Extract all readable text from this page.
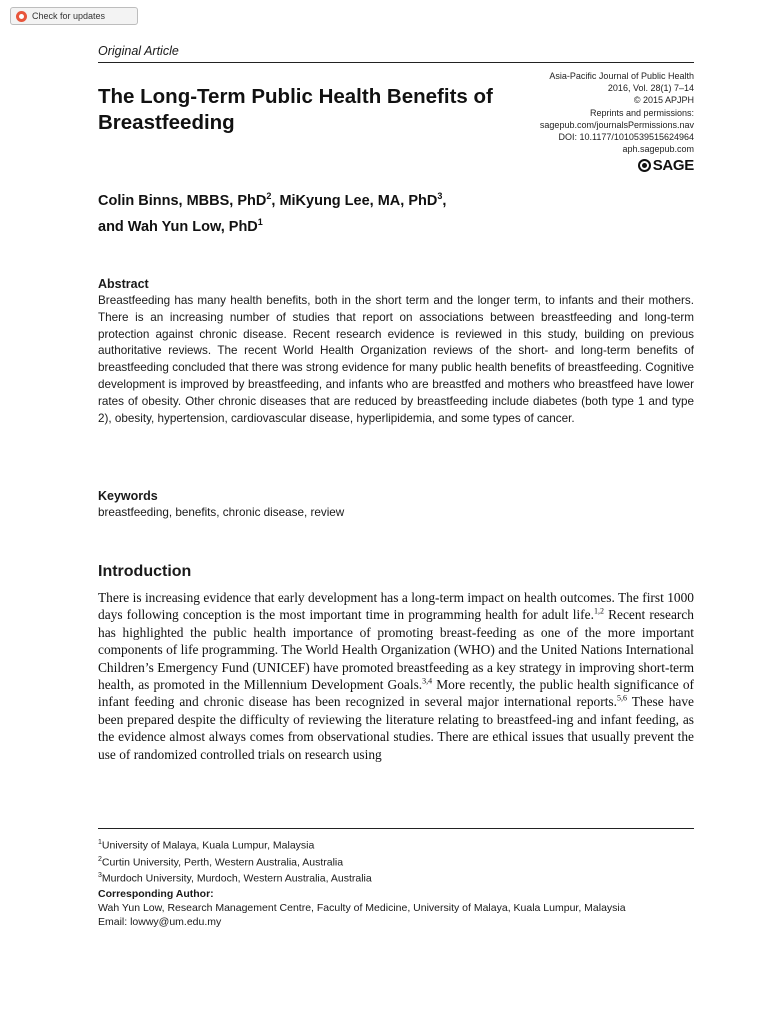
Check for updates
Original Article
The Long-Term Public Health Benefits of Breastfeeding
Asia-Pacific Journal of Public Health
2016, Vol. 28(1) 7–14
© 2015 APJPH
Reprints and permissions:
sagepub.com/journalsPermissions.nav
DOI: 10.1177/1010539515624964
aph.sagepub.com
SAGE
Colin Binns, MBBS, PhD$^2$, MiKyung Lee, MA, PhD$^3$,
and Wah Yun Low, PhD$^1$
Abstract

Breastfeeding has many health benefits, both in the short term and the longer term, to infants and their mothers. There is an increasing number of studies that report on associations between breastfeeding and long-term protection against chronic disease. Recent research evidence is reviewed in this study, building on previous authoritative reviews. The recent World Health Organization reviews of the short- and long-term benefits of breastfeeding concluded that there was strong evidence for many public health benefits of breastfeeding. Cognitive development is improved by breastfeeding, and infants who are breastfed and mothers who breastfeed have lower rates of obesity. Other chronic diseases that are reduced by breastfeeding include diabetes (both type 1 and type 2), obesity, hypertension, cardiovascular disease, hyperlipidemia, and some types of cancer.

Keywords

breastfeeding, benefits, chronic disease, review

Introduction

There is increasing evidence that early development has a long-term impact on health outcomes. The first 1000 days following conception is the most important time in programming health for adult life.$^{1,2}$ Recent research has highlighted the public health importance of promoting breast-feeding as one of the more important components of life programming. The World Health Organization (WHO) and the United Nations International Children’s Emergency Fund (UNICEF) have promoted breastfeeding as a key strategy in improving short-term health, as promoted in the Millennium Development Goals.$^{3,4}$ More recently, the public health significance of infant feeding and chronic disease has been recognized in several major international reports.$^{5,6}$ These have been prepared despite the difficulty of reviewing the literature relating to breastfeed-ing and infant feeding, as the evidence almost always comes from observational studies. There are ethical issues that usually prevent the use of randomized controlled trials on research using

$^1$University of Malaya, Kuala Lumpur, Malaysia
$^2$Curtin University, Perth, Western Australia, Australia
$^3$Murdoch University, Murdoch, Western Australia, Australia
Corresponding Author:
Wah Yun Low, Research Management Centre, Faculty of Medicine, University of Malaya, Kuala Lumpur, Malaysia
Email: lowwy@um.edu.my
